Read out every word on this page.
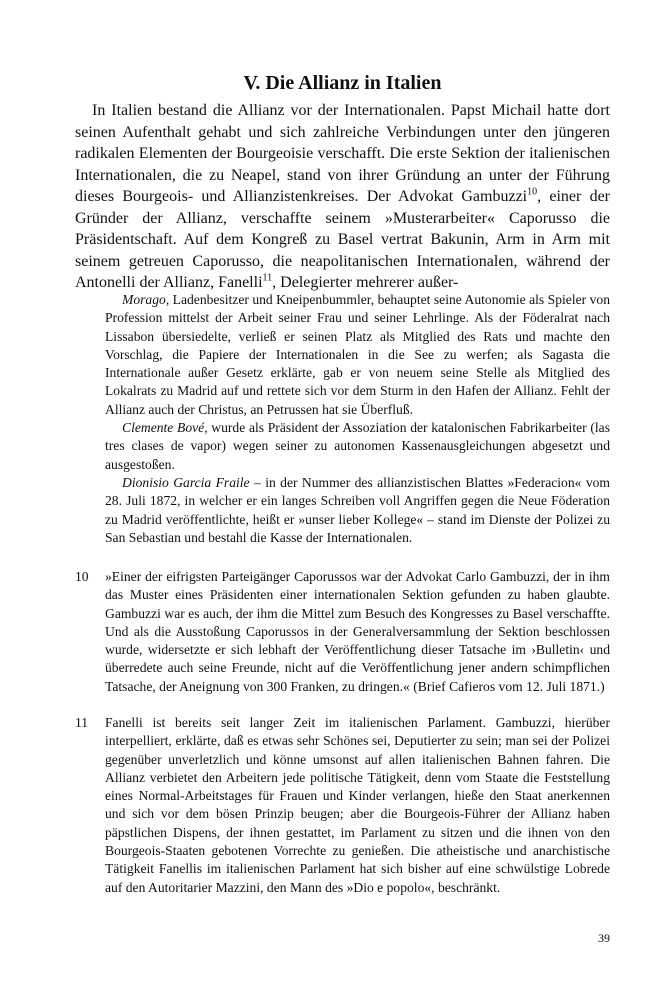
V. Die Allianz in Italien

In Italien bestand die Allianz vor der Internationalen. Papst Michail hatte dort seinen Aufenthalt gehabt und sich zahlreiche Verbindungen unter den jüngeren radikalen Elementen der Bourgeoisie verschafft. Die erste Sektion der italienischen Internationalen, die zu Neapel, stand von ihrer Gründung an unter der Führung dieses Bourgeois- und Allianzistenkreises. Der Advokat Gambuzzi$^{10}$, einer der Gründer der Allianz, verschaffte seinem »Musterarbeiter« Caporusso die Präsidentschaft. Auf dem Kongreß zu Basel vertrat Bakunin, Arm in Arm mit seinem getreuen Caporusso, die neapolitanischen Internationalen, während der Antonelli der Allianz, Fanelli$^{11}$, Delegierter mehrerer außer-

Morago, Ladenbesitzer und Kneipenbummler, behauptet seine Autonomie als Spieler von Profession mittelst der Arbeit seiner Frau und seiner Lehrlinge. Als der Föderalrat nach Lissabon übersiedelte, verließ er seinen Platz als Mitglied des Rats und machte den Vorschlag, die Papiere der Internationalen in die See zu werfen; als Sagasta die Internationale außer Gesetz erklärte, gab er von neuem seine Stelle als Mitglied des Lokalrats zu Madrid auf und rettete sich vor dem Sturm in den Hafen der Allianz. Fehlt der Allianz auch der Christus, an Petrussen hat sie Überfluß.

Clemente Bové, wurde als Präsident der Assoziation der katalonischen Fabrikarbeiter (las tres clases de vapor) wegen seiner zu autonomen Kassenausgleichungen abgesetzt und ausgestoßen.

Dionisio Garcia Fraile – in der Nummer des allianzistischen Blattes »Federacion« vom 28. Juli 1872, in welcher er ein langes Schreiben voll Angriffen gegen die Neue Föderation zu Madrid veröffentlichte, heißt er »unser lieber Kollege« – stand im Dienste der Polizei zu San Sebastian und bestahl die Kasse der Internationalen.

10	»Einer der eifrigsten Parteigänger Caporussos war der Advokat Carlo Gambuzzi, der in ihm das Muster eines Präsidenten einer internationalen Sektion gefunden zu haben glaubte. Gambuzzi war es auch, der ihm die Mittel zum Besuch des Kongresses zu Basel verschaffte. Und als die Ausstoßung Caporussos in der Generalversammlung der Sektion beschlossen wurde, widersetzte er sich lebhaft der Veröffentlichung dieser Tatsache im ›Bulletin‹ und überredete auch seine Freunde, nicht auf die Veröffentlichung jener andern schimpflichen Tatsache, der Aneignung von 300 Franken, zu dringen.« (Brief Cafieros vom 12. Juli 1871.)

11	Fanelli ist bereits seit langer Zeit im italienischen Parlament. Gambuzzi, hierüber interpelliert, erklärte, daß es etwas sehr Schönes sei, Deputierter zu sein; man sei der Polizei gegenüber unverletzlich und könne umsonst auf allen italienischen Bahnen fahren. Die Allianz verbietet den Arbeitern jede politische Tätigkeit, denn vom Staate die Feststellung eines Normal-Arbeitstages für Frauen und Kinder verlangen, hieße den Staat anerkennen und sich vor dem bösen Prinzip beugen; aber die Bourgeois-Führer der Allianz haben päpstlichen Dispens, der ihnen gestattet, im Parlament zu sitzen und die ihnen von den Bourgeois-Staaten gebotenen Vorrechte zu genießen. Die atheistische und anarchistische Tätigkeit Fanellis im italienischen Parlament hat sich bisher auf eine schwülstige Lobrede auf den Autoritarier Mazzini, den Mann des »Dio e popolo«, beschränkt.

39
